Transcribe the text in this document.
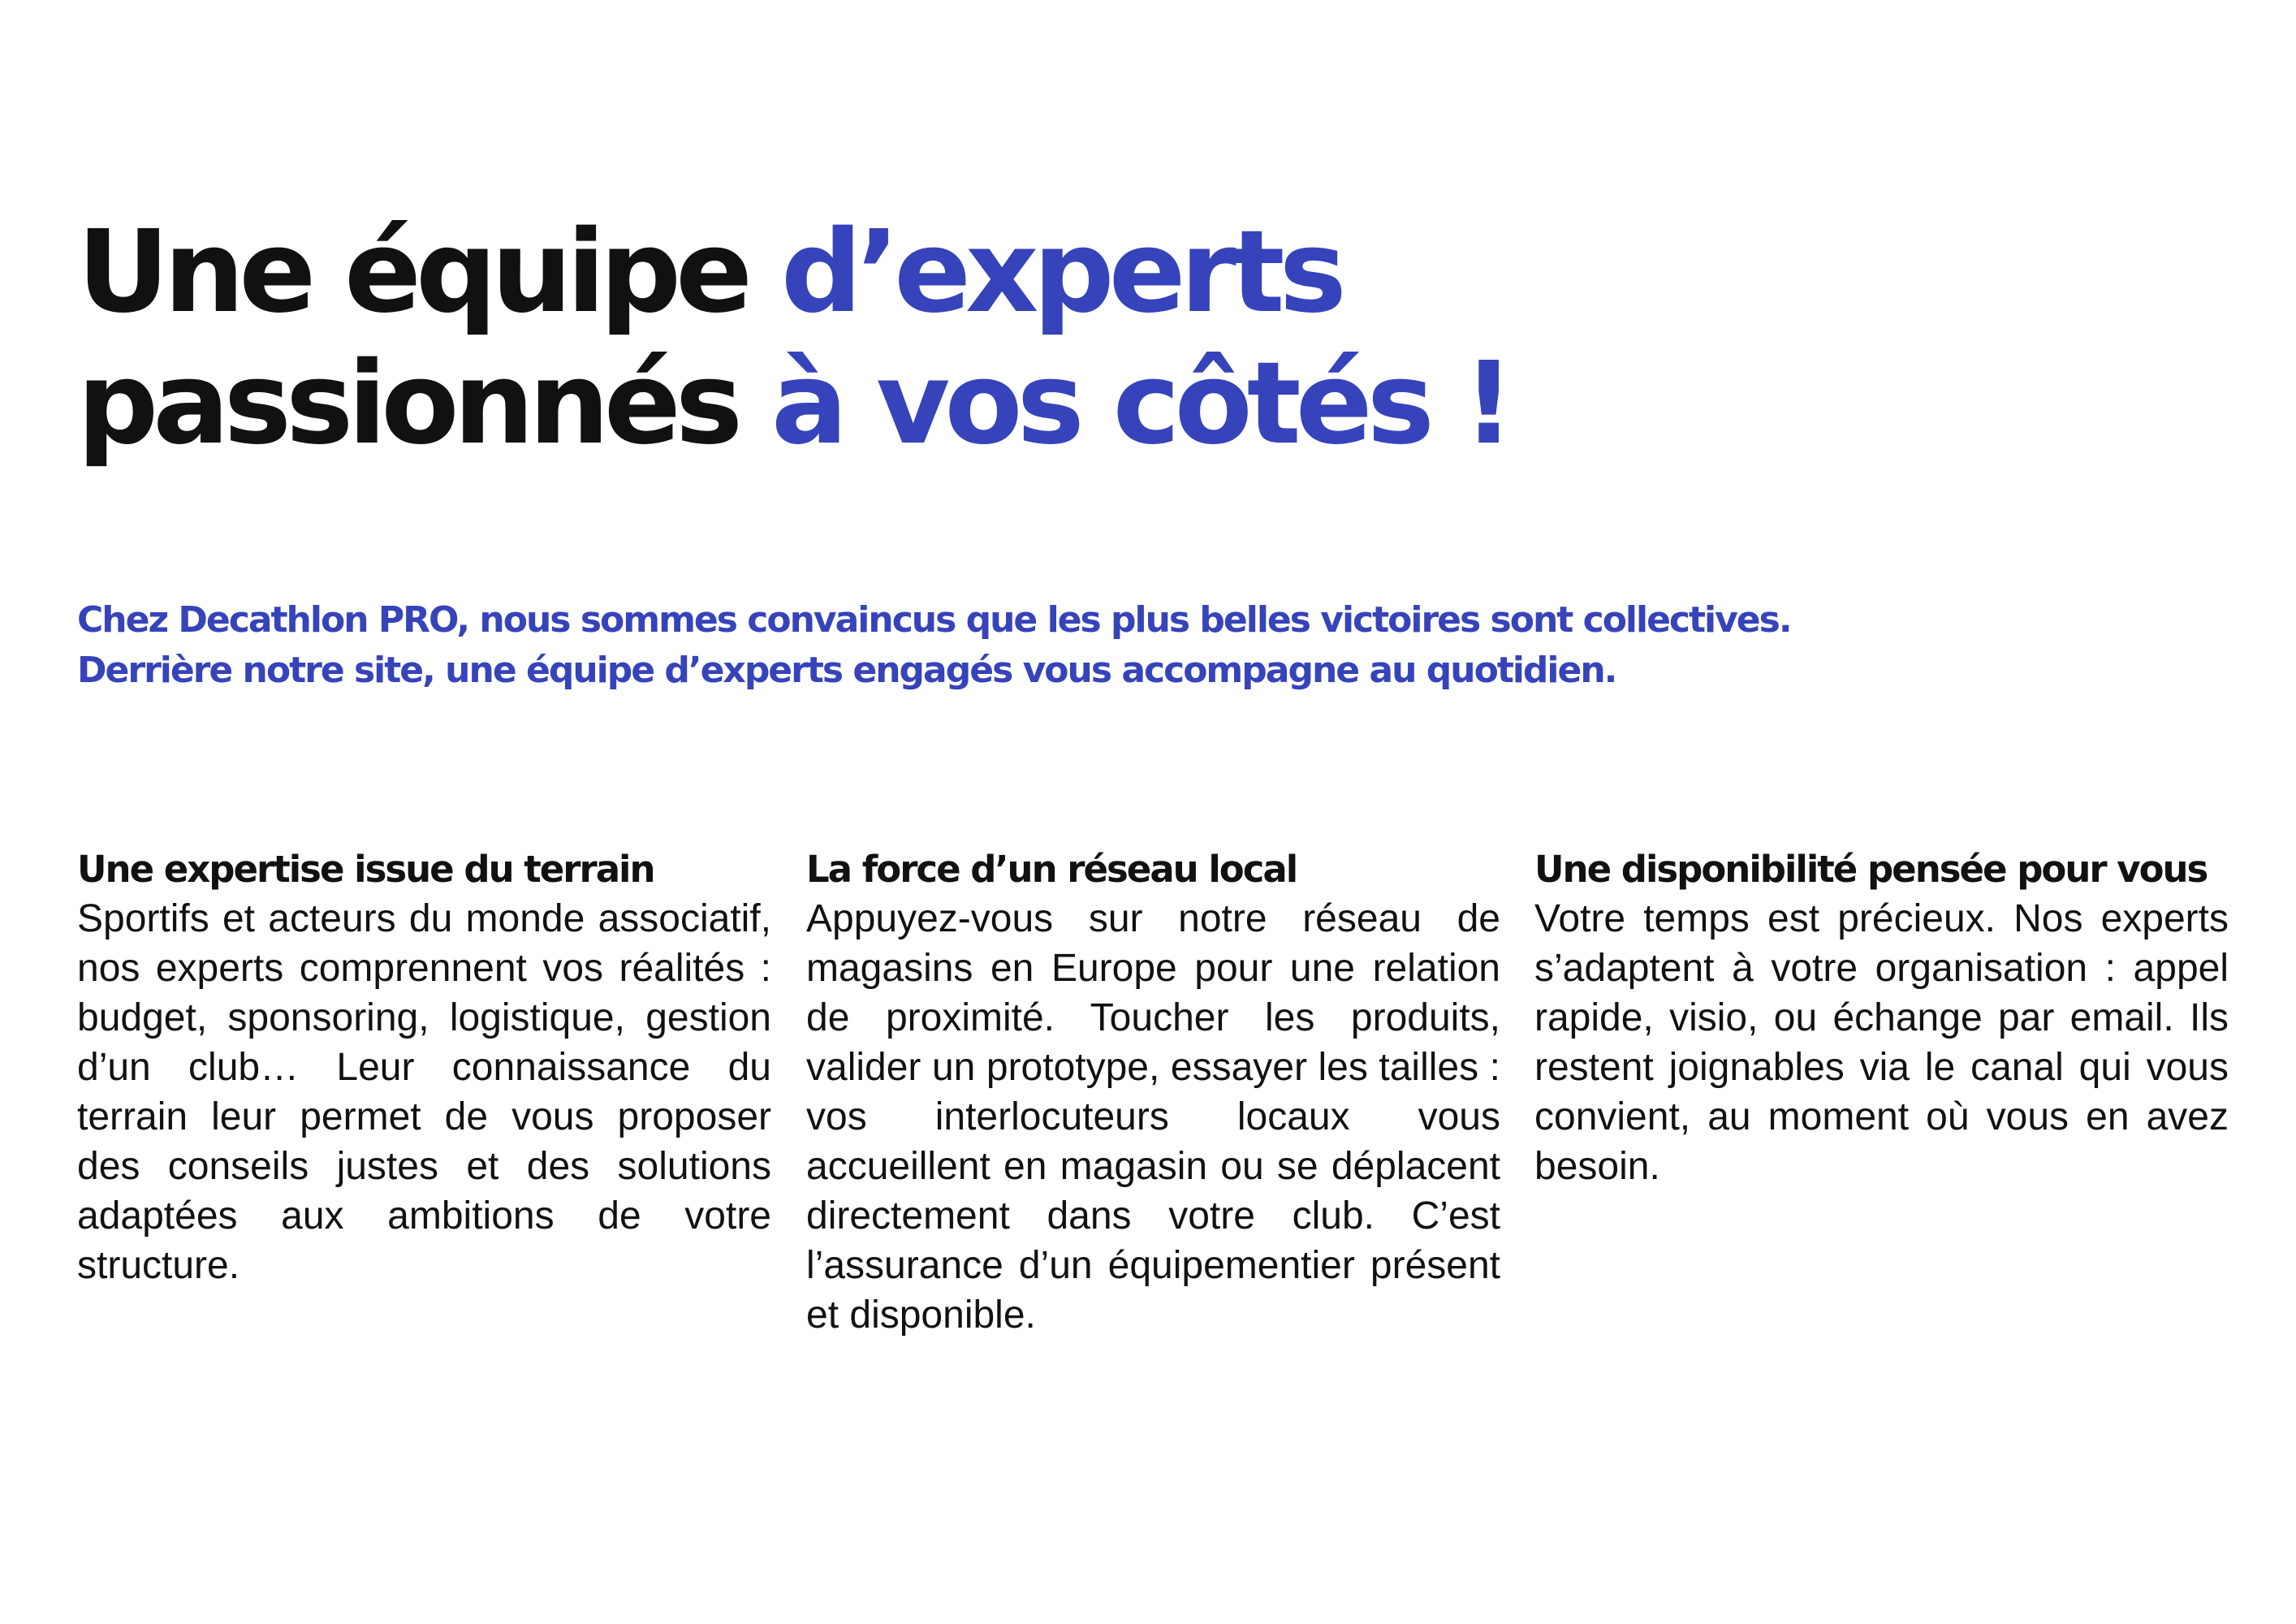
Une équipe d’experts
passionnés à vos côtés !
Chez Decathlon PRO, nous sommes convaincus que les plus belles victoires sont collectives.
Derrière notre site, une équipe d’experts engagés vous accompagne au quotidien.
Une expertise issue du terrain

Sportifs et acteurs du monde associatif, nos experts comprennent vos réalités : budget, sponsoring, logistique, gestion d’un club… Leur connaissance du terrain leur permet de vous proposer des conseils justes et des solutions adaptées aux ambitions de votre structure.

La force d’un réseau local

Appuyez-vous sur notre réseau de magasins en Europe pour une relation de proximité. Toucher les produits, valider un prototype, essayer les tailles : vos interlocuteurs locaux vous accueillent en magasin ou se déplacent directement dans votre club. C’est l’assurance d’un équipementier présent et disponible.

Une disponibilité pensée pour vous

Votre temps est précieux. Nos experts s’adaptent à votre organisation : appel rapide, visio, ou échange par email. Ils restent joignables via le canal qui vous convient, au moment où vous en avez besoin.
